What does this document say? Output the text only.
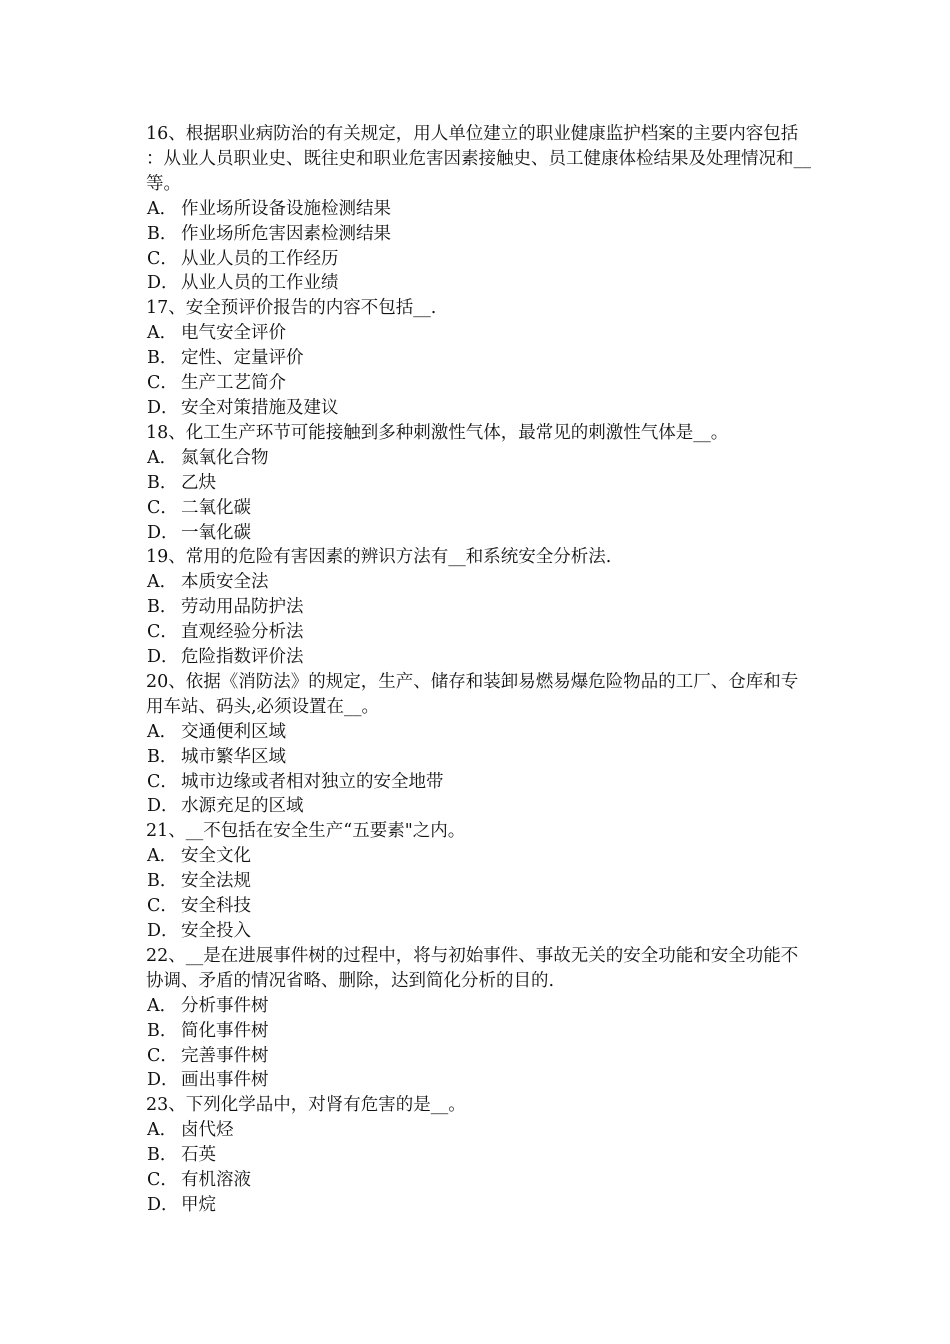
16、根据职业病防治的有关规定，用人单位建立的职业健康监护档案的主要内容包括：从业人员职业史、既往史和职业危害因素接触史、员工健康体检结果及处理情况和__等。
A． 作业场所设备设施检测结果
B． 作业场所危害因素检测结果
C． 从业人员的工作经历
D． 从业人员的工作业绩
17、安全预评价报告的内容不包括__.
A． 电气安全评价
B． 定性、定量评价
C． 生产工艺简介
D． 安全对策措施及建议
18、化工生产环节可能接触到多种刺激性气体，最常见的刺激性气体是__。
A． 氮氧化合物
B． 乙炔
C． 二氧化碳
D． 一氧化碳
19、常用的危险有害因素的辨识方法有__和系统安全分析法.
A． 本质安全法
B． 劳动用品防护法
C． 直观经验分析法
D． 危险指数评价法
20、依据《消防法》的规定，生产、储存和装卸易燃易爆危险物品的工厂、仓库和专用车站、码头,必须设置在__。
A． 交通便利区域
B． 城市繁华区域
C． 城市边缘或者相对独立的安全地带
D． 水源充足的区域
21、__不包括在安全生产“五要素"之内。
A． 安全文化
B． 安全法规
C． 安全科技
D． 安全投入
22、__是在进展事件树的过程中，将与初始事件、事故无关的安全功能和安全功能不协调、矛盾的情况省略、删除，达到简化分析的目的.
A． 分析事件树
B． 简化事件树
C． 完善事件树
D． 画出事件树
23、下列化学品中，对肾有危害的是__。
A． 卤代烃
B． 石英
C． 有机溶液
D． 甲烷
